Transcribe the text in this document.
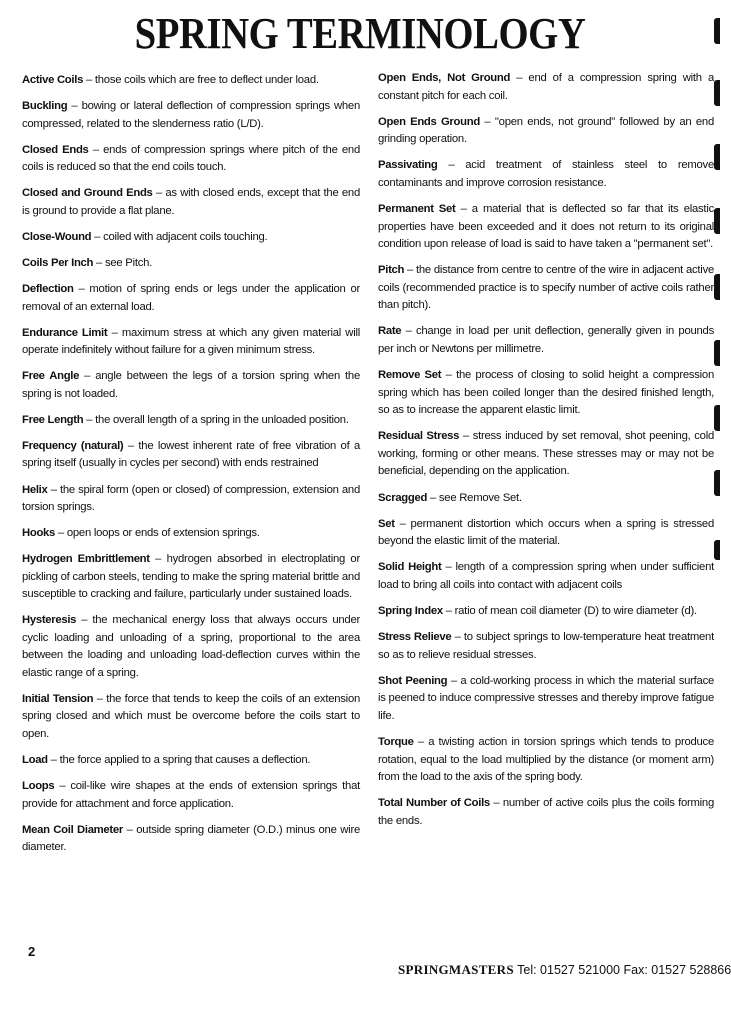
SPRING TERMINOLOGY

Active Coils – those coils which are free to deflect under load.

Buckling – bowing or lateral deflection of compression springs when compressed, related to the slenderness ratio (L/D).

Closed Ends – ends of compression springs where pitch of the end coils is reduced so that the end coils touch.

Closed and Ground Ends – as with closed ends, except that the end is ground to provide a flat plane.

Close-Wound – coiled with adjacent coils touching.

Coils Per Inch – see Pitch.

Deflection – motion of spring ends or legs under the application or removal of an external load.

Endurance Limit – maximum stress at which any given material will operate indefinitely without failure for a given minimum stress.

Free Angle – angle between the legs of a torsion spring when the spring is not loaded.

Free Length – the overall length of a spring in the unloaded position.

Frequency (natural) – the lowest inherent rate of free vibration of a spring itself (usually in cycles per second) with ends restrained

Helix – the spiral form (open or closed) of compression, extension and torsion springs.

Hooks – open loops or ends of extension springs.

Hydrogen Embrittlement – hydrogen absorbed in electroplating or pickling of carbon steels, tending to make the spring material brittle and susceptible to cracking and failure, particularly under sustained loads.

Hysteresis – the mechanical energy loss that always occurs under cyclic loading and unloading of a spring, proportional to the area between the loading and unloading load-deflection curves within the elastic range of a spring.

Initial Tension – the force that tends to keep the coils of an extension spring closed and which must be overcome before the coils start to open.

Load – the force applied to a spring that causes a deflection.

Loops – coil-like wire shapes at the ends of extension springs that provide for attachment and force application.

Mean Coil Diameter – outside spring diameter (O.D.) minus one wire diameter.

Open Ends, Not Ground – end of a compression spring with a constant pitch for each coil.

Open Ends Ground – "open ends, not ground" followed by an end grinding operation.

Passivating – acid treatment of stainless steel to remove contaminants and improve corrosion resistance.

Permanent Set – a material that is deflected so far that its elastic properties have been exceeded and it does not return to its original condition upon release of load is said to have taken a "permanent set".

Pitch – the distance from centre to centre of the wire in adjacent active coils (recommended practice is to specify number of active coils rather than pitch).

Rate – change in load per unit deflection, generally given in pounds per inch or Newtons per millimetre.

Remove Set – the process of closing to solid height a compression spring which has been coiled longer than the desired finished length, so as to increase the apparent elastic limit.

Residual Stress – stress induced by set removal, shot peening, cold working, forming or other means. These stresses may or may not be beneficial, depending on the application.

Scragged – see Remove Set.

Set – permanent distortion which occurs when a spring is stressed beyond the elastic limit of the material.

Solid Height – length of a compression spring when under sufficient load to bring all coils into contact with adjacent coils

Spring Index – ratio of mean coil diameter (D) to wire diameter (d).

Stress Relieve – to subject springs to low-temperature heat treatment so as to relieve residual stresses.

Shot Peening – a cold-working process in which the material surface is peened to induce compressive stresses and thereby improve fatigue life.

Torque – a twisting action in torsion springs which tends to produce rotation, equal to the load multiplied by the distance (or moment arm) from the load to the axis of the spring body.

Total Number of Coils – number of active coils plus the coils forming the ends.

2
SPRINGMASTERS Tel: 01527 521000 Fax: 01527 528866
